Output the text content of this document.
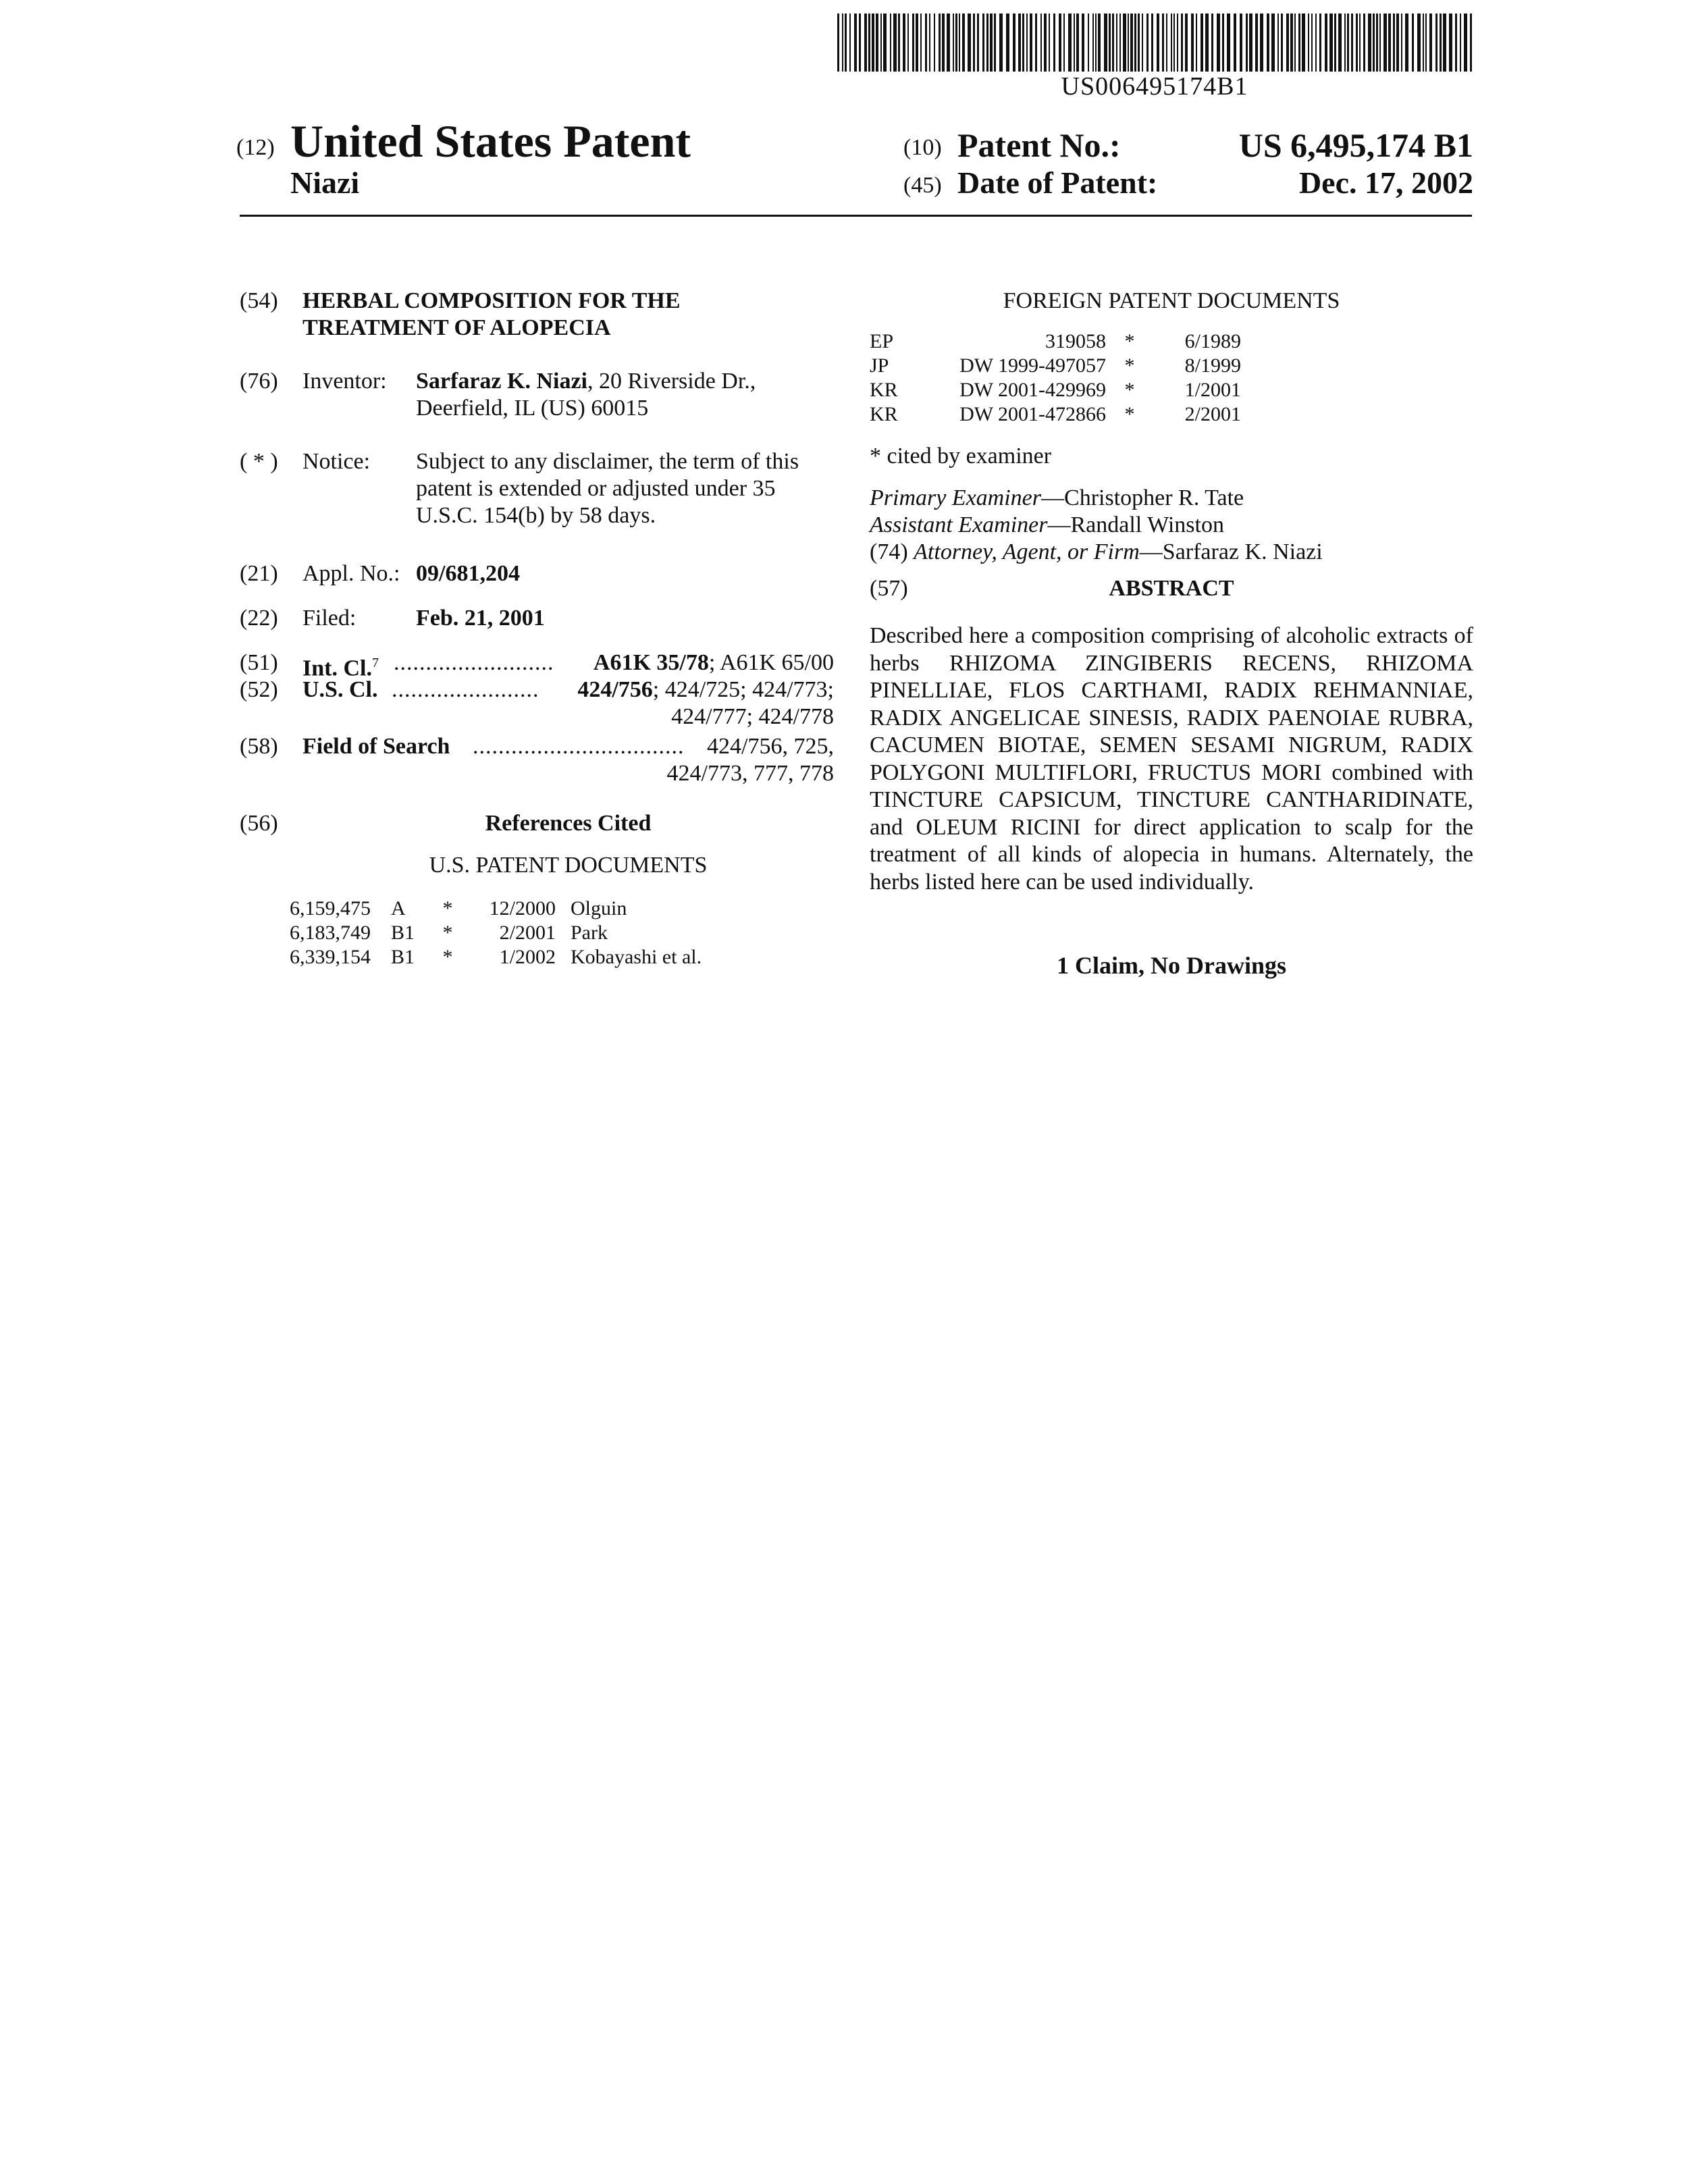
US006495174B1
(12) United States Patent
Niazi
(10) Patent No.:	US 6,495,174 B1
(45) Date of Patent:	Dec. 17, 2002
(54) HERBAL COMPOSITION FOR THE
TREATMENT OF ALOPECIA
(76) Inventor: Sarfaraz K. Niazi, 20 Riverside Dr.,
Deerfield, IL (US) 60015
( * ) Notice: Subject to any disclaimer, the term of this
patent is extended or adjusted under 35
U.S.C. 154(b) by 58 days.
(21) Appl. No.: 09/681,204
(22) Filed:	Feb. 21, 2001
(51) Int. Cl.$^7$ .........................	A61K 35/78; A61K 65/00
(52) U.S. Cl. .......................	424/756; 424/725; 424/773;
424/777; 424/778
(58) Field of Search ................................. 424/756, 725,
424/773, 777, 778
(56)	References Cited
U.S. PATENT DOCUMENTS
6,159,475	A	*	12/2000	Olguin
6,183,749	B1	*	2/2001	Park
6,339,154	B1	*	1/2002	Kobayashi et al.
FOREIGN PATENT DOCUMENTS
EP	319058	*	6/1989
JP	DW 1999-497057	*	8/1999
KR	DW 2001-429969	*	1/2001
KR	DW 2001-472866	*	2/2001
* cited by examiner
Primary Examiner—Christopher R. Tate
Assistant Examiner—Randall Winston
(74) Attorney, Agent, or Firm—Sarfaraz K. Niazi
(57)	ABSTRACT
Described here a composition comprising of alcoholic extracts of herbs RHIZOMA ZINGIBERIS RECENS, RHIZOMA PINELLIAE, FLOS CARTHAMI, RADIX REHMANNIAE, RADIX ANGELICAE SINESIS, RADIX PAENOIAE RUBRA, CACUMEN BIOTAE, SEMEN SESAMI NIGRUM, RADIX POLYGONI MULTIFLORI, FRUCTUS MORI combined with TINCTURE CAPSICUM, TINCTURE CANTHARIDINATE, and OLEUM RICINI for direct application to scalp for the treatment of all kinds of alopecia in humans. Alternately, the herbs listed here can be used individually.
1 Claim, No Drawings
